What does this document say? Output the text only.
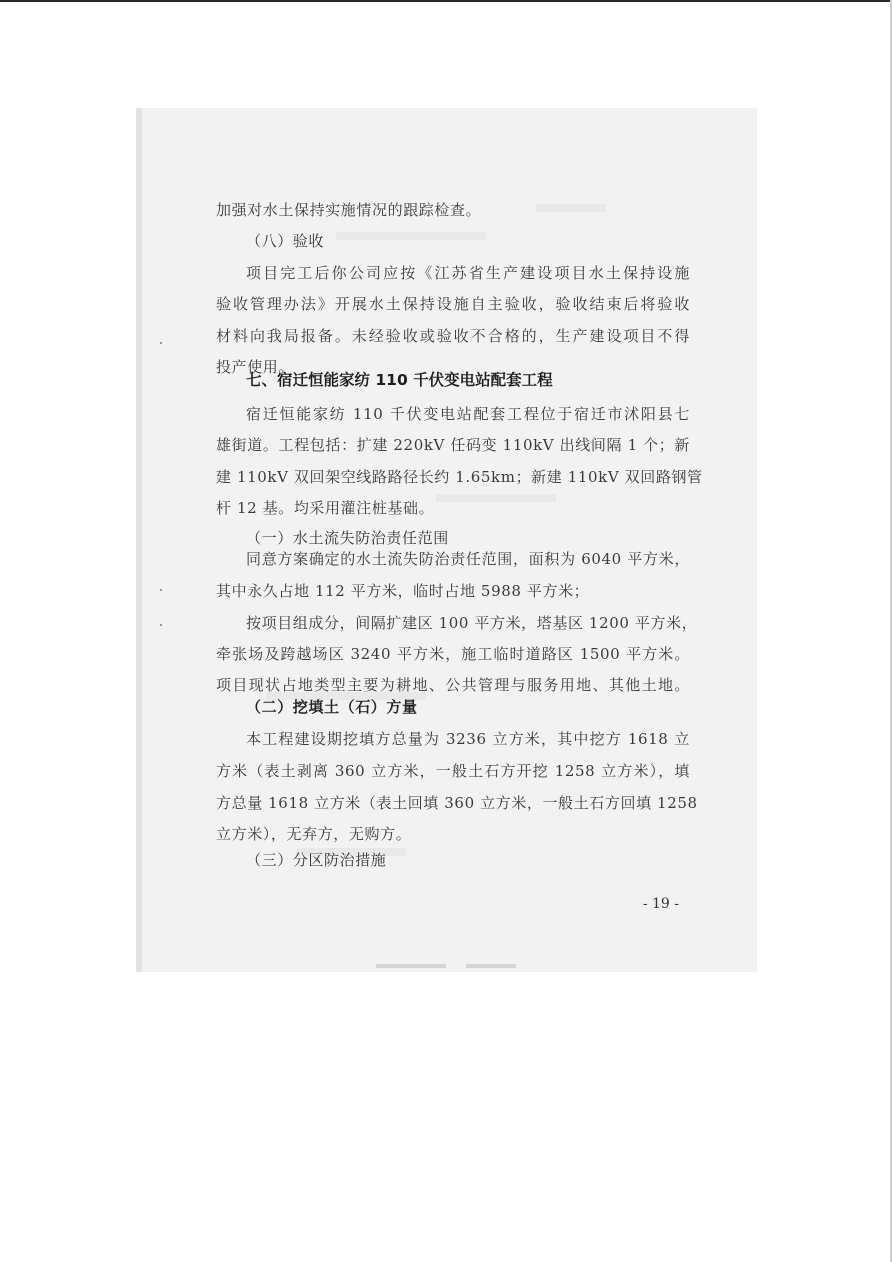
加强对水土保持实施情况的跟踪检查。
（八）验收
项目完工后你公司应按《江苏省生产建设项目水土保持设施
验收管理办法》开展水土保持设施自主验收，验收结束后将验收
材料向我局报备。未经验收或验收不合格的，生产建设项目不得
投产使用。
七、宿迁恒能家纺 110 千伏变电站配套工程
宿迁恒能家纺 110 千伏变电站配套工程位于宿迁市沭阳县七
雄街道。工程包括：扩建 220kV 任码变 110kV 出线间隔 1 个；新
建 110kV 双回架空线路路径长约 1.65km；新建 110kV 双回路钢管
杆 12 基。均采用灌注桩基础。
（一）水土流失防治责任范围
同意方案确定的水土流失防治责任范围，面积为 6040 平方米，
其中永久占地 112 平方米，临时占地 5988 平方米；
按项目组成分，间隔扩建区 100 平方米，塔基区 1200 平方米，
牵张场及跨越场区 3240 平方米，施工临时道路区 1500 平方米。
项目现状占地类型主要为耕地、公共管理与服务用地、其他土地。
（二）挖填土（石）方量
本工程建设期挖填方总量为 3236 立方米，其中挖方 1618 立
方米（表土剥离 360 立方米，一般土石方开挖 1258 立方米），填
方总量 1618 立方米（表土回填 360 立方米，一般土石方回填 1258
立方米），无弃方，无购方。
（三）分区防治措施
- 19 -
